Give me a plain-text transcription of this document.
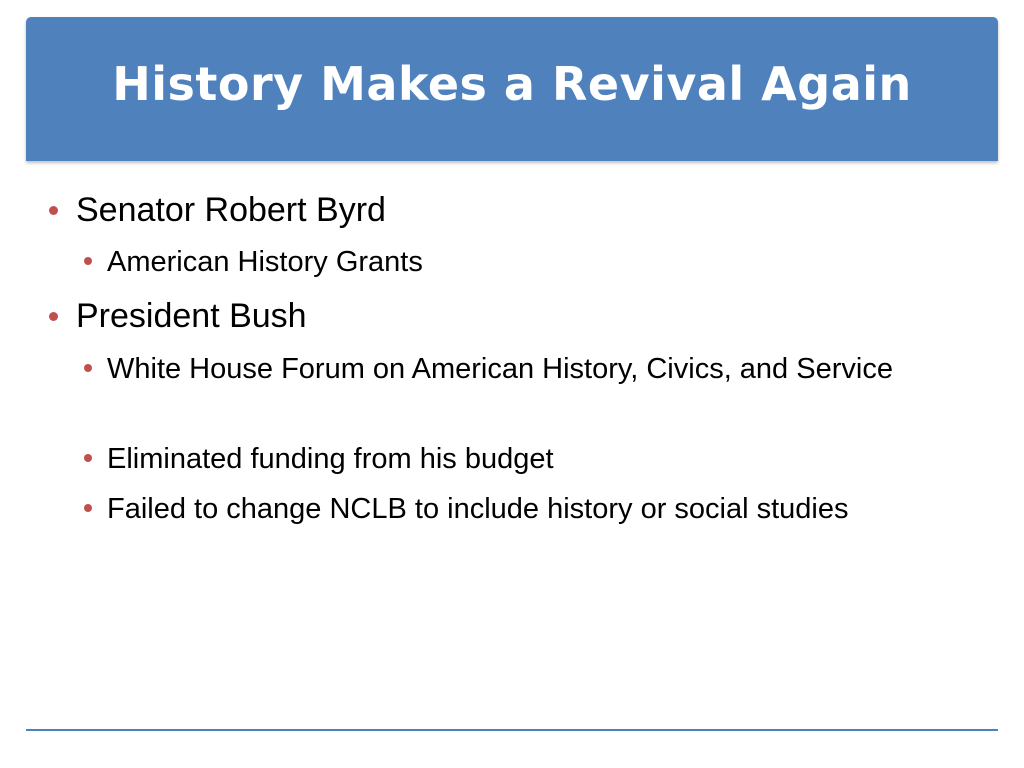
History Makes a Revival Again
Senator Robert Byrd
American History Grants
President Bush
White House Forum on American History, Civics, and Service
Eliminated funding from his budget
Failed to change NCLB to include history or social studies
